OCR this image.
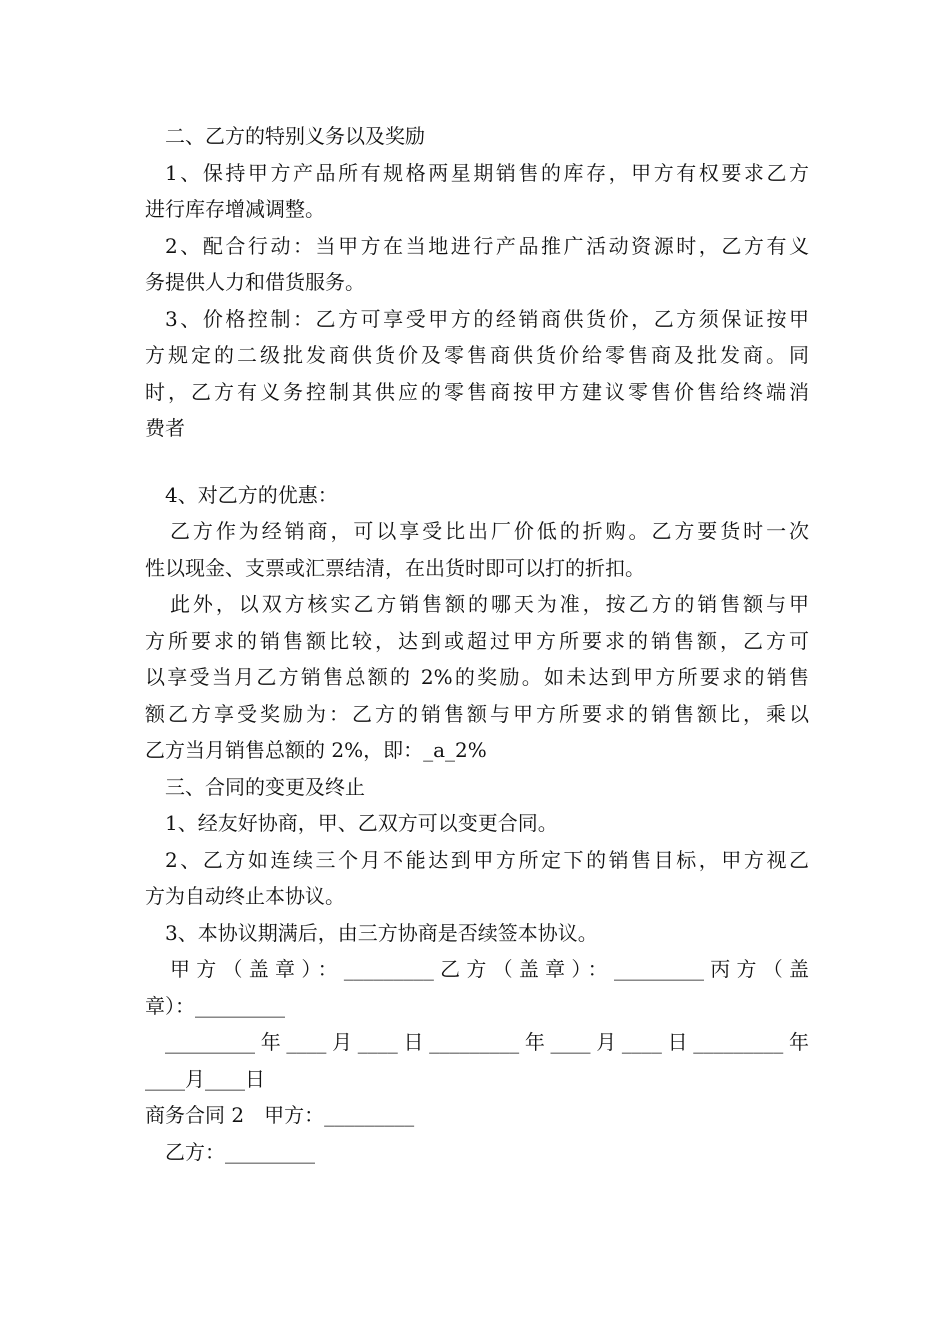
二、乙方的特别义务以及奖励

1、保持甲方产品所有规格两星期销售的库存，甲方有权要求乙方

进行库存增减调整。

2、配合行动：当甲方在当地进行产品推广活动资源时，乙方有义

务提供人力和借货服务。

3、价格控制：乙方可享受甲方的经销商供货价，乙方须保证按甲

方规定的二级批发商供货价及零售商供货价给零售商及批发商。同

时，乙方有义务控制其供应的零售商按甲方建议零售价售给终端消

费者

4、对乙方的优惠：

乙方作为经销商，可以享受比出厂价低的折购。乙方要货时一次

性以现金、支票或汇票结清，在出货时即可以打的折扣。

此外，以双方核实乙方销售额的哪天为准，按乙方的销售额与甲

方所要求的销售额比较，达到或超过甲方所要求的销售额，乙方可

以享受当月乙方销售总额的 2%的奖励。如未达到甲方所要求的销售

额乙方享受奖励为：乙方的销售额与甲方所要求的销售额比，乘以

乙方当月销售总额的 2%，即：_a_2%

三、合同的变更及终止

1、经友好协商，甲、乙双方可以变更合同。

2、乙方如连续三个月不能达到甲方所定下的销售目标，甲方视乙

方为自动终止本协议。

3、本协议期满后，由三方协商是否续签本协议。

甲方（盖章）：_________乙方（盖章）：_________丙方（盖

章）：_________

_________年____月____日_________年____月____日_________年

____月____日

商务合同 2　甲方：_________

乙方：_________
